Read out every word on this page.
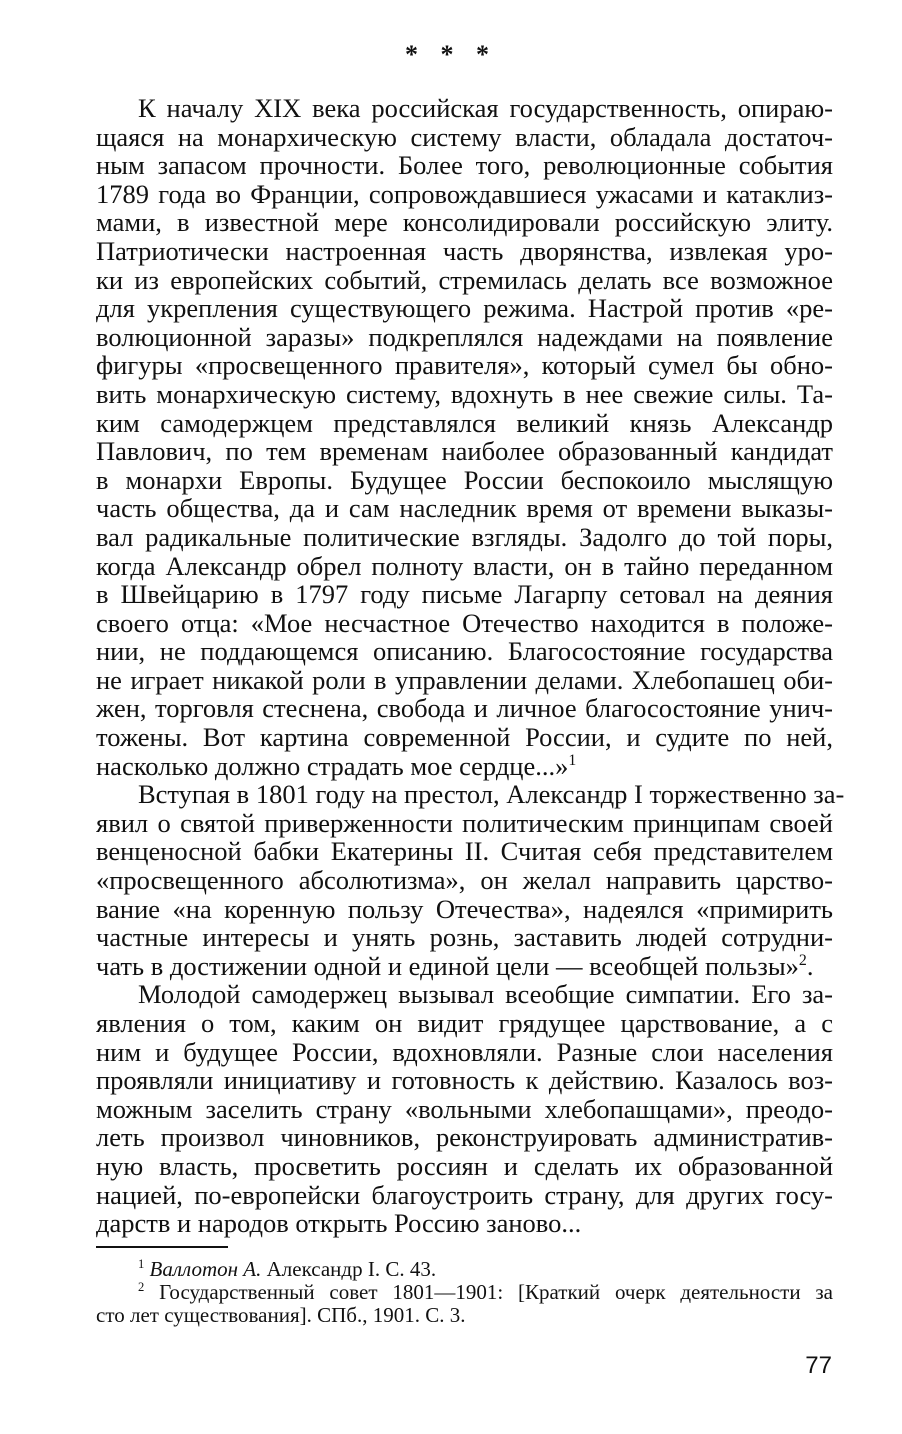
* * *

К началу XIX века российская государственность, опираю-
щаяся на монархическую систему власти, обладала достаточ-
ным запасом прочности. Более того, революционные события
1789 года во Франции, сопровождавшиеся ужасами и катаклиз-
мами, в известной мере консолидировали российскую элиту.
Патриотически настроенная часть дворянства, извлекая уро-
ки из европейских событий, стремилась делать все возможное
для укрепления существующего режима. Настрой против «ре-
волюционной заразы» подкреплялся надеждами на появление
фигуры «просвещенного правителя», который сумел бы обно-
вить монархическую систему, вдохнуть в нее свежие силы. Та-
ким самодержцем представлялся великий князь Александр
Павлович, по тем временам наиболее образованный кандидат
в монархи Европы. Будущее России беспокоило мыслящую
часть общества, да и сам наследник время от времени выказы-
вал радикальные политические взгляды. Задолго до той поры,
когда Александр обрел полноту власти, он в тайно переданном
в Швейцарию в 1797 году письме Лагарпу сетовал на деяния
своего отца: «Мое несчастное Отечество находится в положе-
нии, не поддающемся описанию. Благосостояние государства
не играет никакой роли в управлении делами. Хлебопашец оби-
жен, торговля стеснена, свобода и личное благосостояние унич-
тожены. Вот картина современной России, и судите по ней,
насколько должно страдать мое сердце...»$^1$

Вступая в 1801 году на престол, Александр I торжественно за-
явил о святой приверженности политическим принципам своей
венценосной бабки Екатерины II. Считая себя представителем
«просвещенного абсолютизма», он желал направить царство-
вание «на коренную пользу Отечества», надеялся «примирить
частные интересы и унять рознь, заставить людей сотрудни-
чать в достижении одной и единой цели — всеобщей пользы»$^2$.

Молодой самодержец вызывал всеобщие симпатии. Его за-
явления о том, каким он видит грядущее царствование, а с
ним и будущее России, вдохновляли. Разные слои населения
проявляли инициативу и готовность к действию. Казалось воз-
можным заселить страну «вольными хлебопашцами», преодо-
леть произвол чиновников, реконструировать административ-
ную власть, просветить россиян и сделать их образованной
нацией, по-европейски благоустроить страну, для других госу-
дарств и народов открыть Россию заново...

$^1$ Валлотон А. Александр I. С. 43.
$^2$ Государственный совет 1801—1901: [Краткий очерк деятельности за
сто лет существования]. СПб., 1901. С. 3.

77
